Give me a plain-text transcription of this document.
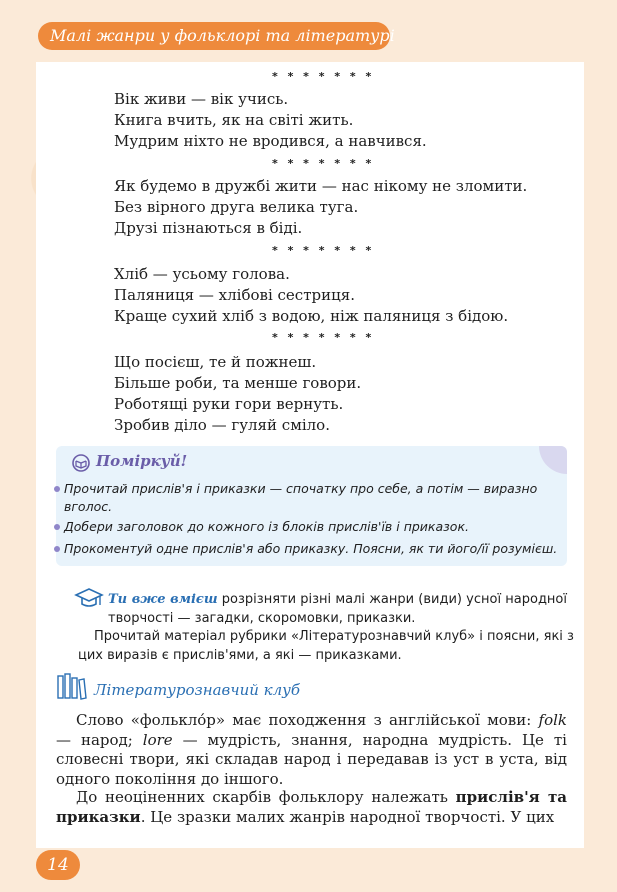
Малі жанри у фольклорі та літературі
* * * * * * *
Вік живи — вік учись.
Книга вчить, як на світі жить.
Мудрим ніхто не вродився, а навчився.
* * * * * * *
Як будемо в дружбі жити — нас нікому не зломити.
Без вірного друга велика туга.
Друзі пізнаються в біді.
* * * * * * *
Хліб — усьому голова.
Паляниця — хлібові сестриця.
Краще сухий хліб з водою, ніж паляниця з бідою.
* * * * * * *
Що посієш, те й пожнеш.
Більше роби, та менше говори.
Роботящі руки гори вернуть.
Зробив діло — гуляй сміло.
Поміркуй!
Прочитай прислів'я і приказки — спочатку про себе, а потім — виразно вголос.
Добери заголовок до кожного із блоків прислів'їв і приказок.
Прокоментуй одне прислів'я або приказку. Поясни, як ти його/її розумієш.
Ти вже вмієш розрізняти різні малі жанри (види) усної народної творчості — загадки, скоромовки, приказки.
Прочитай матеріал рубрики «Літературознавчий клуб» і поясни, які з
цих виразів є прислів'ями, а які — приказками.
Літературознавчий клуб
Слово «фолькло́р» має походження з англійської мови: folk — народ; lore — мудрість, знання, народна мудрість. Це ті словесні твори, які складав народ і передавав із уст в уста, від одного покоління до іншого.
До неоціненних скарбів фольклору належать прислів'я та приказки. Це зразки малих жанрів народної творчості. У цих
14
